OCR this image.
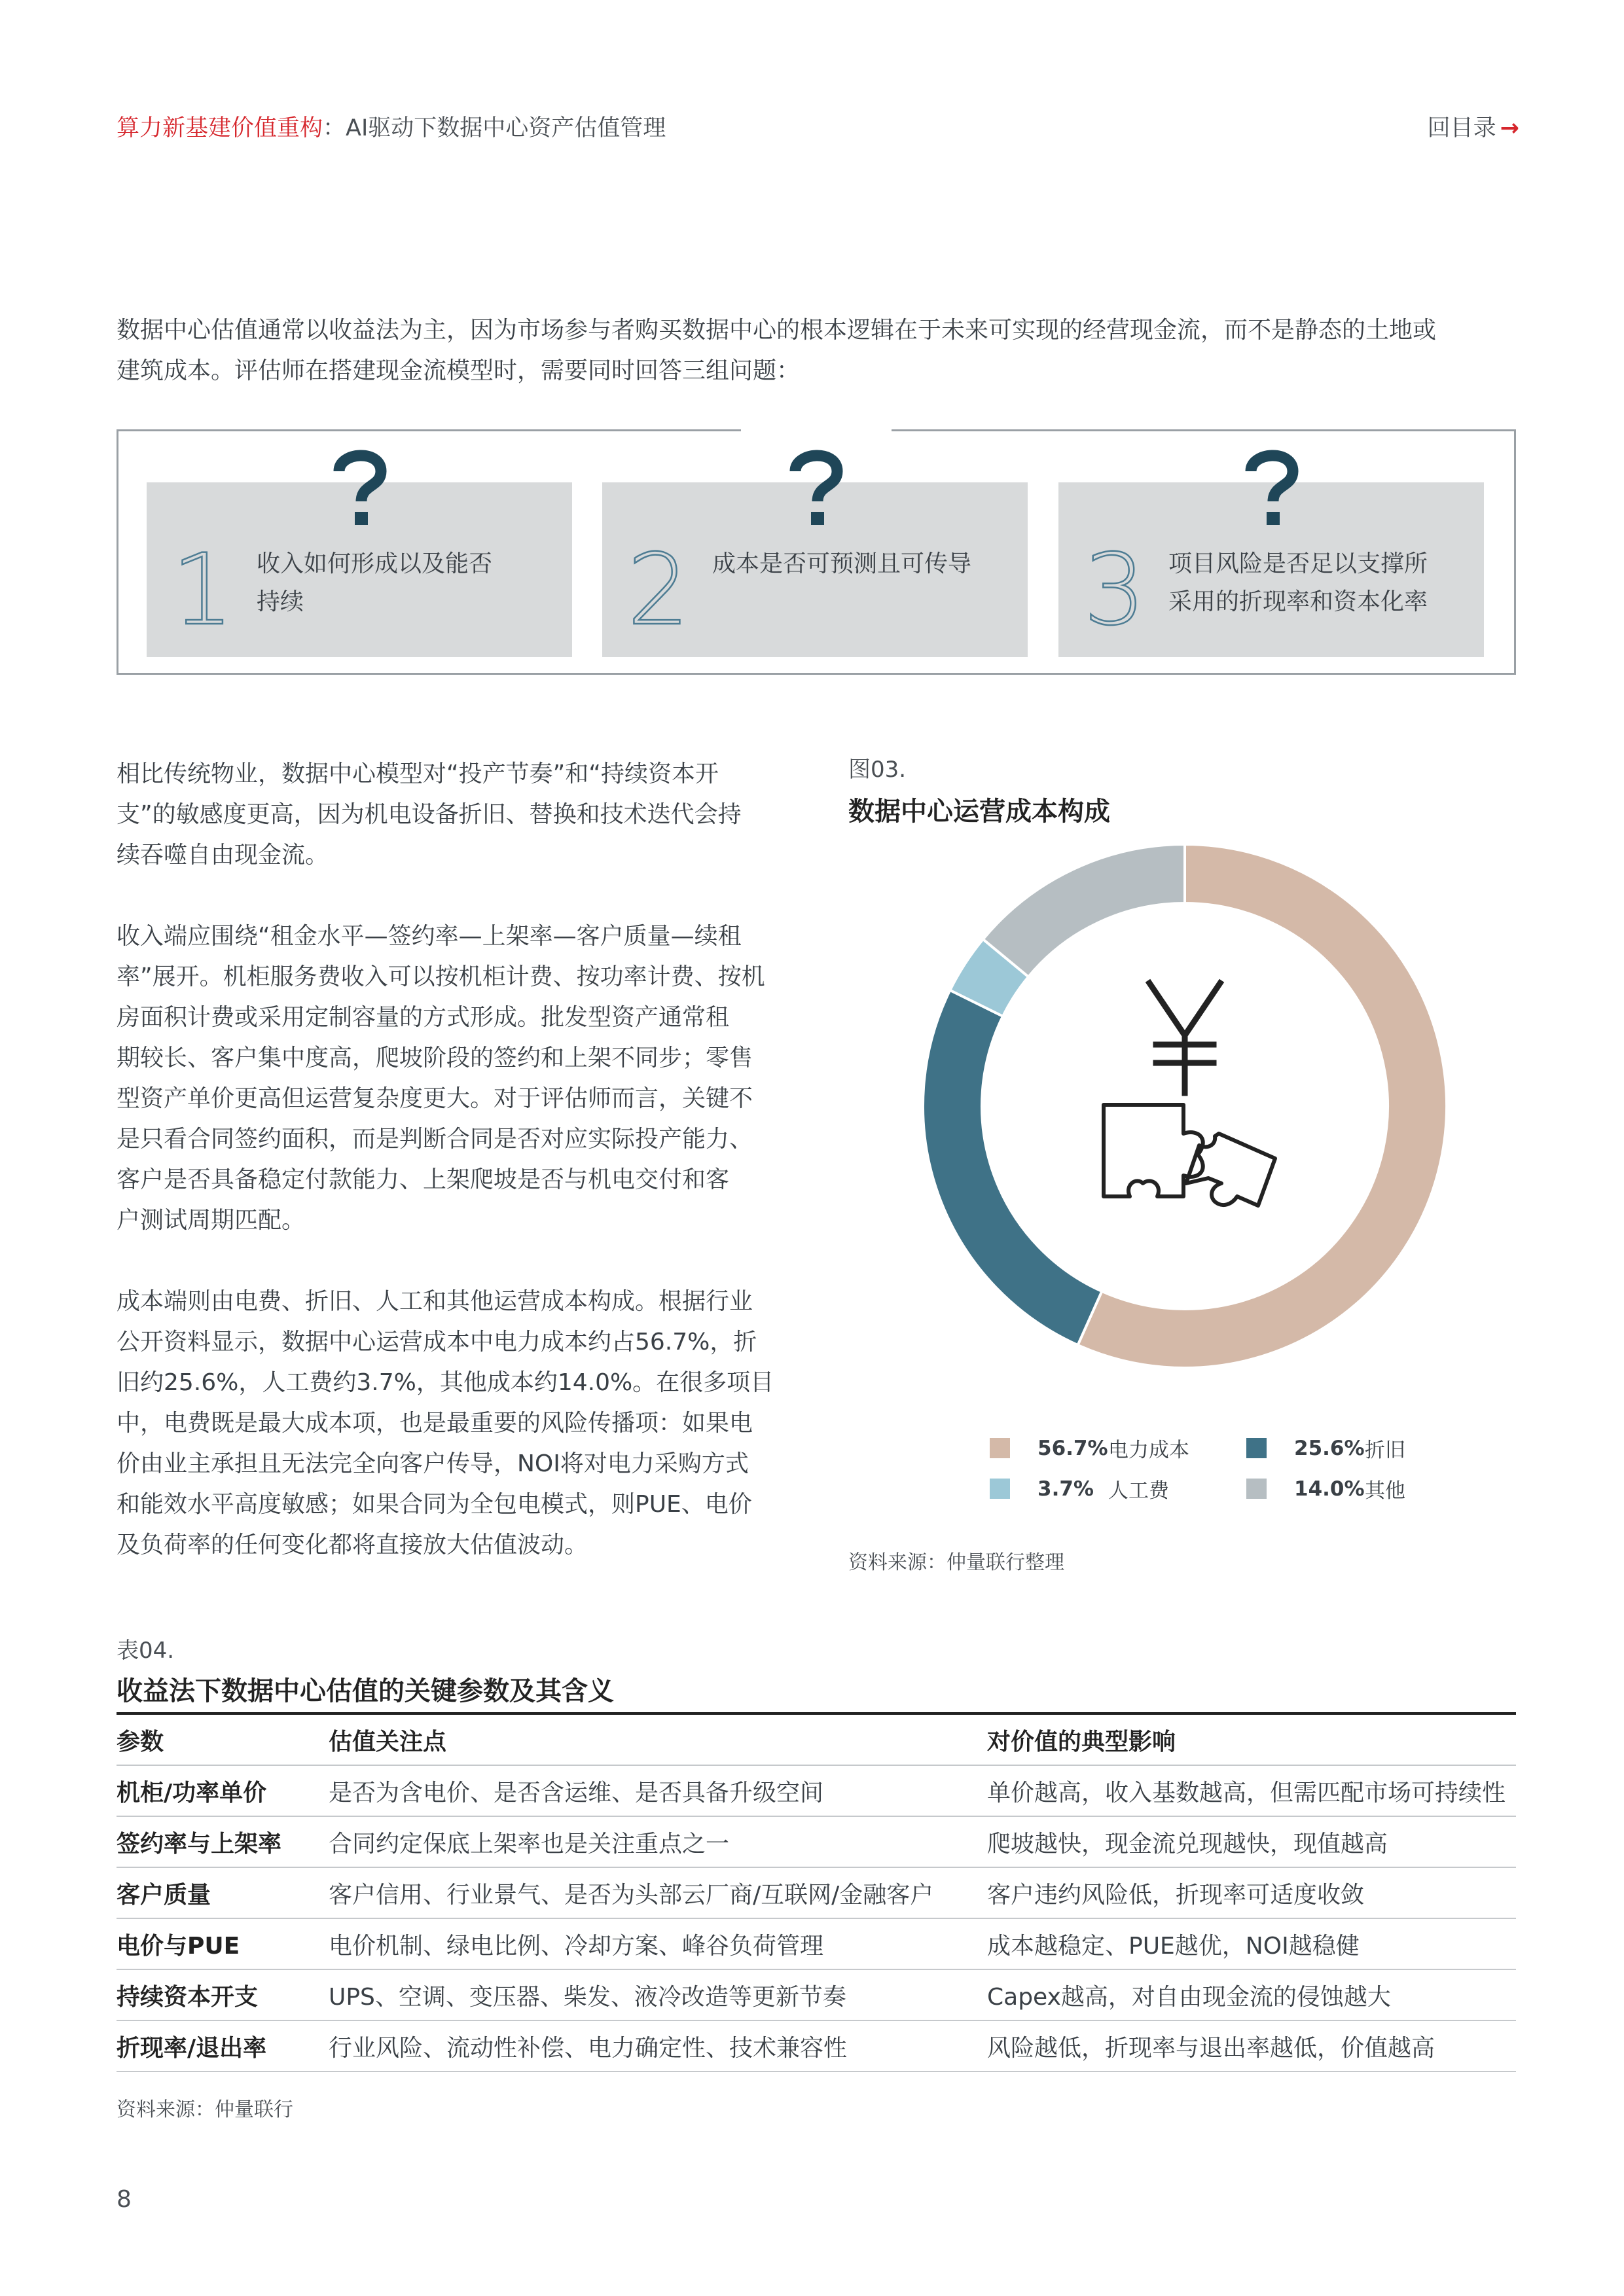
算力新基建价值重构：AI驱动下数据中心资产估值管理	回目录 →
数据中心估值通常以收益法为主，因为市场参与者购买数据中心的根本逻辑在于未来可实现的经营现金流，而不是静态的土地或
建筑成本。评估师在搭建现金流模型时，需要同时回答三组问题：
1 收入如何形成以及能否
持续	2 成本是否可预测且可传导	3 项目风险是否足以支撑所
采用的折现率和资本化率
相比传统物业，数据中心模型对“投产节奏”和“持续资本开
支”的敏感度更高，因为机电设备折旧、替换和技术迭代会持
续吞噬自由现金流。
收入端应围绕“租金水平—签约率—上架率—客户质量—续租
率”展开。机柜服务费收入可以按机柜计费、按功率计费、按机
房面积计费或采用定制容量的方式形成。批发型资产通常租
期较长、客户集中度高，爬坡阶段的签约和上架不同步；零售
型资产单价更高但运营复杂度更大。对于评估师而言，关键不
是只看合同签约面积，而是判断合同是否对应实际投产能力、
客户是否具备稳定付款能力、上架爬坡是否与机电交付和客
户测试周期匹配。
成本端则由电费、折旧、人工和其他运营成本构成。根据行业
公开资料显示，数据中心运营成本中电力成本约占56.7%，折
旧约25.6%，人工费约3.7%，其他成本约14.0%。在很多项目
中，电费既是最大成本项，也是最重要的风险传播项：如果电
价由业主承担且无法完全向客户传导，NOI将对电力采购方式
和能效水平高度敏感；如果合同为全包电模式，则PUE、电价
及负荷率的任何变化都将直接放大估值波动。
图03.
数据中心运营成本构成
56.7% 电力成本	25.6% 折旧
3.7% 人工费	14.0% 其他
资料来源：仲量联行整理
表04.
收益法下数据中心估值的关键参数及其含义
参数	估值关注点	对价值的典型影响
机柜/功率单价	是否为含电价、是否含运维、是否具备升级空间	单价越高，收入基数越高，但需匹配市场可持续性
签约率与上架率	合同约定保底上架率也是关注重点之一	爬坡越快，现金流兑现越快，现值越高
客户质量	客户信用、行业景气、是否为头部云厂商/互联网/金融客户	客户违约风险低，折现率可适度收敛
电价与PUE	电价机制、绿电比例、冷却方案、峰谷负荷管理	成本越稳定、PUE越优，NOI越稳健
持续资本开支	UPS、空调、变压器、柴发、液冷改造等更新节奏	Capex越高，对自由现金流的侵蚀越大
折现率/退出率	行业风险、流动性补偿、电力确定性、技术兼容性	风险越低，折现率与退出率越低，价值越高
资料来源：仲量联行
8
